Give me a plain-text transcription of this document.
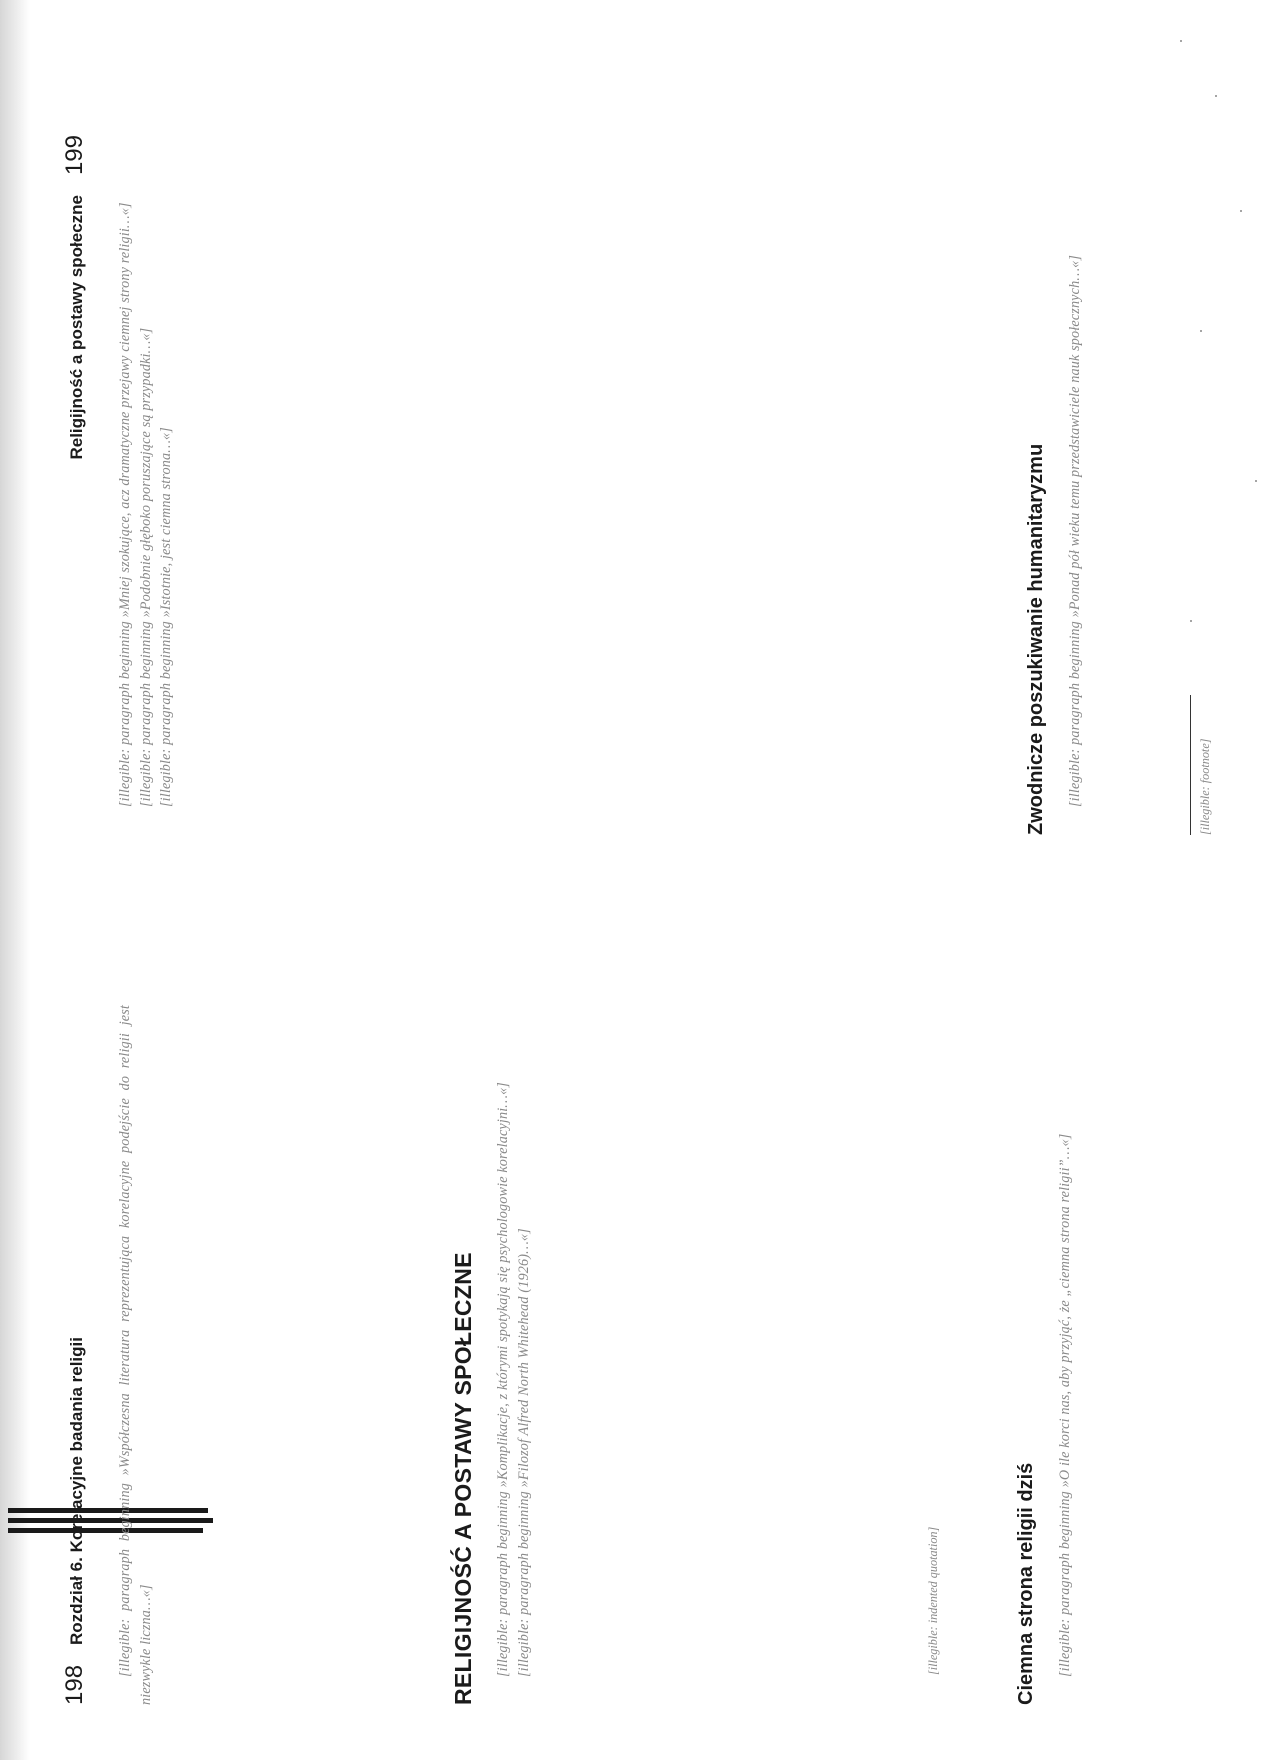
198
Rozdział 6. Korelacyjne badania religii [illegible: paragraph beginning »Współczesna literatura reprezentująca korelacyjne podejście do religii jest niezwykle liczna…«]	RELIGIJNOŚĆ A POSTAWY SPOŁECZNE [illegible: paragraph beginning »Komplikacje, z którymi spotykają się psychologowie korelacyjni…«] [illegible: paragraph beginning »Filozof Alfred North Whitehead (1926)…«]	[illegible: indented quotation]	Ciemna strona religii dziś [illegible: paragraph beginning »O ile korci nas, aby przyjąć, że „ciemna strona religii”…«]

Religijność a postawy społeczne
199

[illegible: paragraph beginning »Mniej szokujące, acz dramatyczne przejawy ciemnej strony religii…«] [illegible: paragraph beginning »Podobnie głęboko poruszające są przypadki…«] [illegible: paragraph beginning »Istotnie, jest ciemna strona…«]	Zwodnicze poszukiwanie humanitaryzmu [illegible: paragraph beginning »Ponad pół wieku temu przedstawiciele nauk społecznych…«]	[illegible: footnote]
